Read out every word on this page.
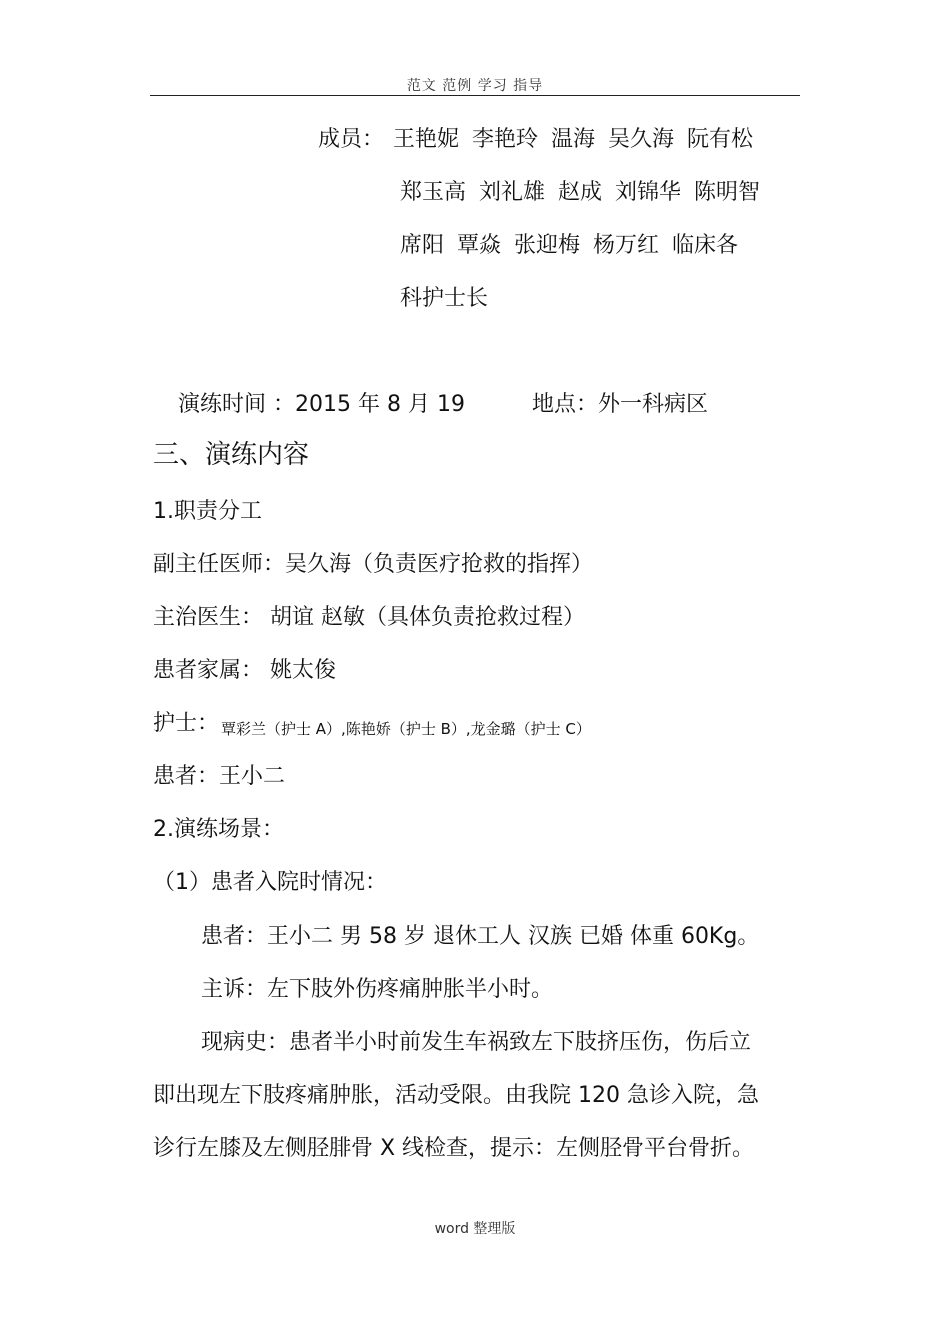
范文 范例 学习 指导
成员： 王艳妮 李艳玲 温海 吴久海 阮有松
郑玉高 刘礼雄 赵成 刘锦华 陈明智
席阳 覃焱 张迎梅 杨万红 临床各
科护士长
演练时间 ：2015 年 8 月 19	地点：外一科病区
三、演练内容
1.职责分工
副主任医师：吴久海（负责医疗抢救的指挥）
主治医生： 胡谊 赵敏（具体负责抢救过程）
患者家属： 姚太俊
护士： 覃彩兰（护士 A）,陈艳娇（护士 B）,龙金璐（护士 C）
患者：王小二
2.演练场景：
（1）患者入院时情况：
患者：王小二 男 58 岁 退休工人 汉族 已婚 体重 60Kg。
主诉：左下肢外伤疼痛肿胀半小时。
现病史：患者半小时前发生车祸致左下肢挤压伤，伤后立
即出现左下肢疼痛肿胀，活动受限。由我院 120 急诊入院，急
诊行左膝及左侧胫腓骨 X 线检查，提示：左侧胫骨平台骨折。
word 整理版
